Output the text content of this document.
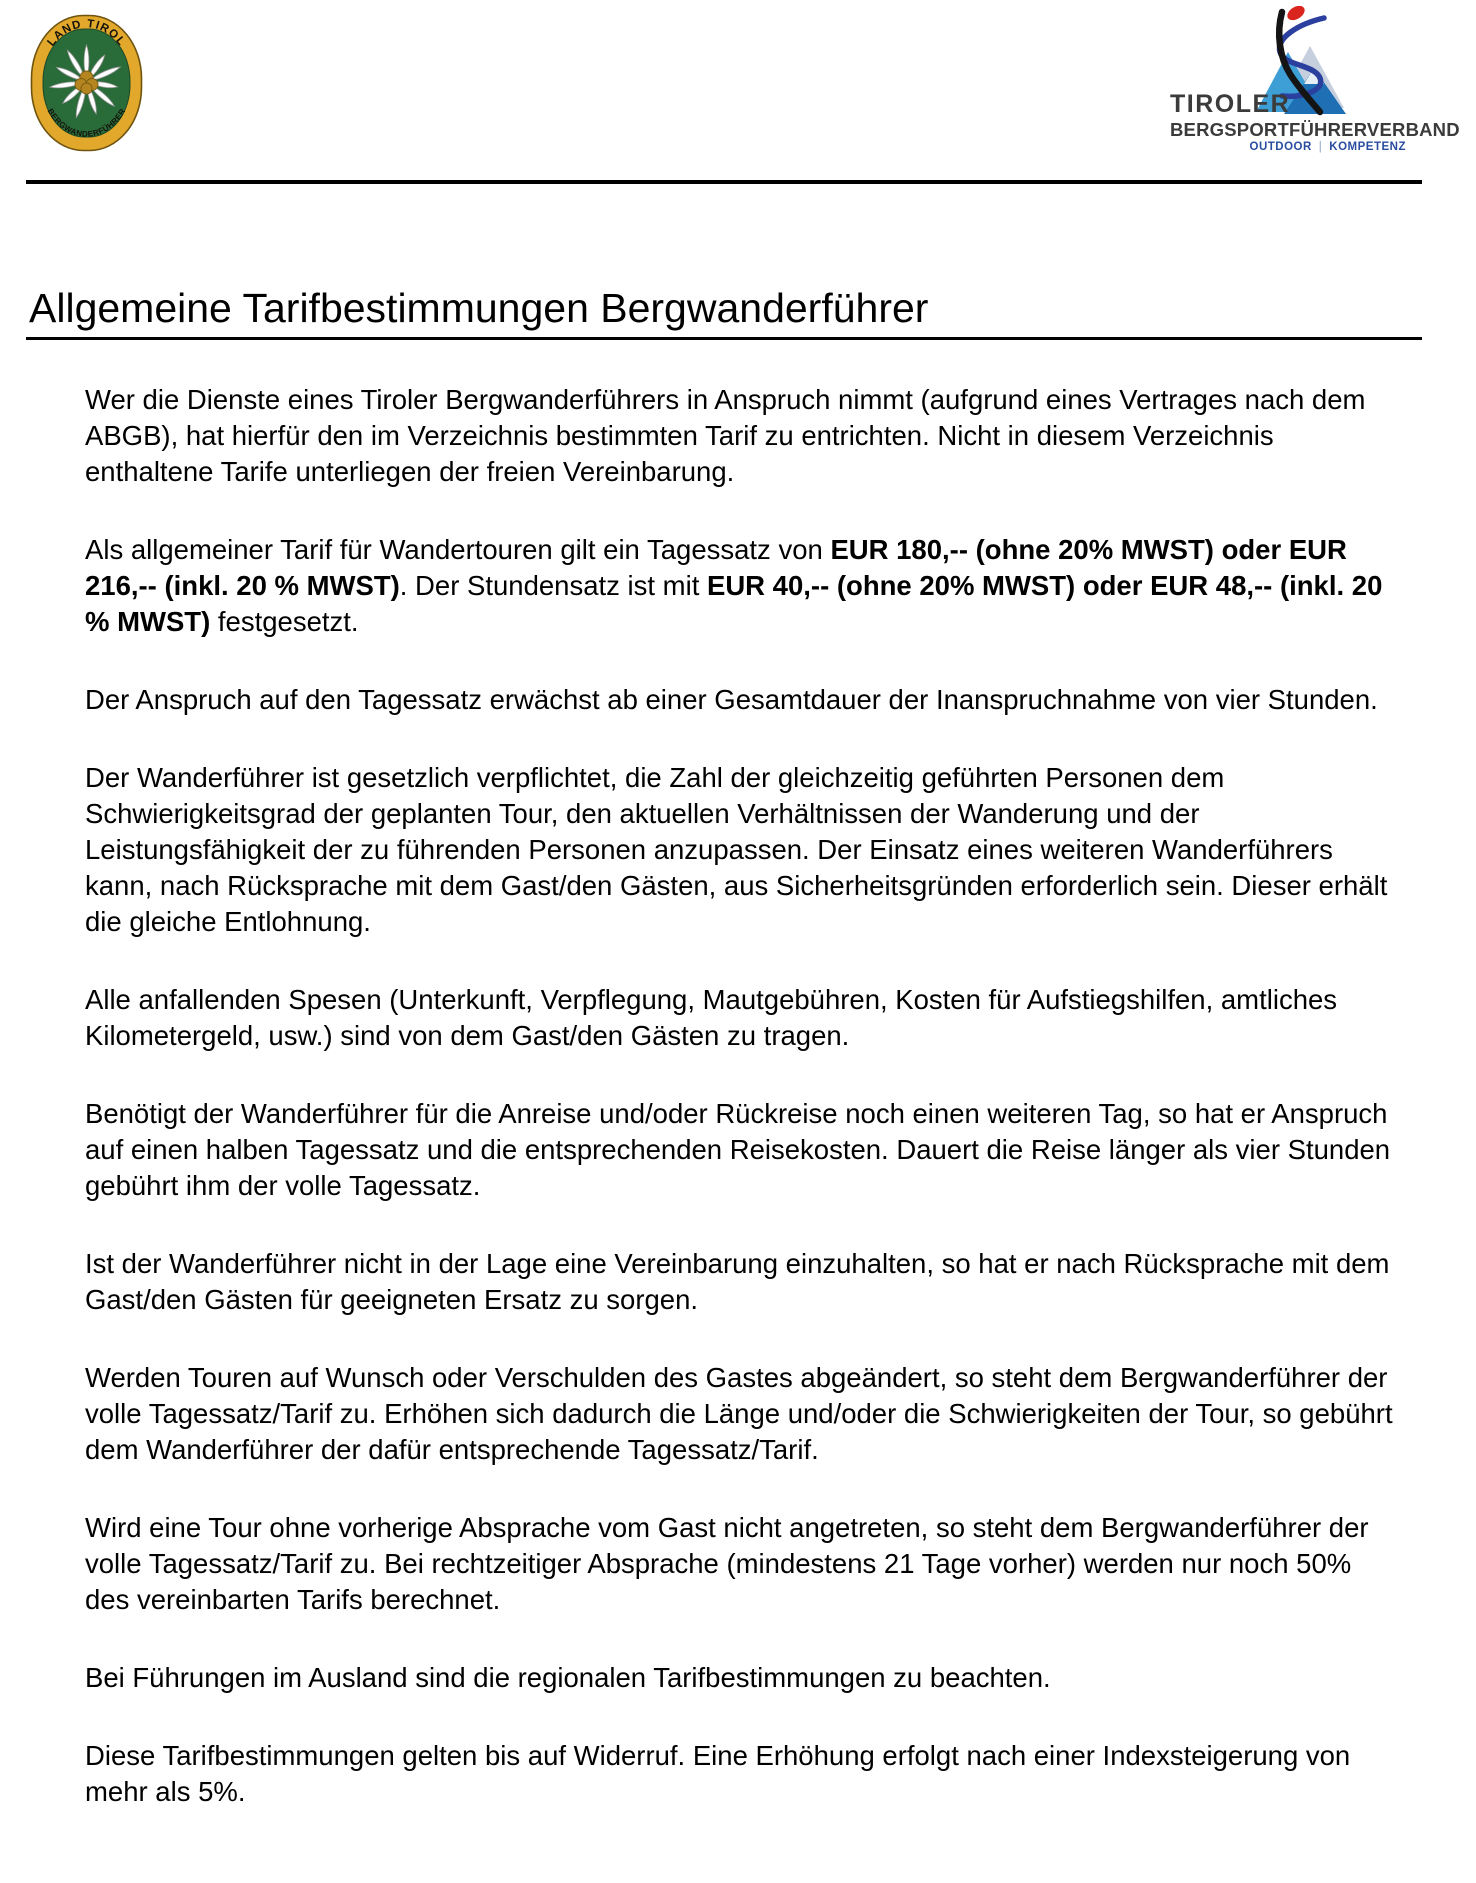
LAND TIROL
BERGWANDERFÜHRER	TIROLER
BERGSPORTFÜHRERVERBAND
OUTDOOR | KOMPETENZ
Allgemeine Tarifbestimmungen Bergwanderführer

Wer die Dienste eines Tiroler Bergwanderführers in Anspruch nimmt (aufgrund eines Vertrages nach dem ABGB), hat hierfür den im Verzeichnis bestimmten Tarif zu entrichten. Nicht in diesem Verzeichnis enthaltene Tarife unterliegen der freien Vereinbarung.

Als allgemeiner Tarif für Wandertouren gilt ein Tagessatz von EUR 180,-- (ohne 20% MWST) oder EUR 216,-- (inkl. 20 % MWST). Der Stundensatz ist mit EUR 40,-- (ohne 20% MWST) oder EUR 48,-- (inkl. 20 % MWST) festgesetzt.

Der Anspruch auf den Tagessatz erwächst ab einer Gesamtdauer der Inanspruchnahme von vier Stunden.

Der Wanderführer ist gesetzlich verpflichtet, die Zahl der gleichzeitig geführten Personen dem Schwierigkeitsgrad der geplanten Tour, den aktuellen Verhältnissen der Wanderung und der Leistungsfähigkeit der zu führenden Personen anzupassen. Der Einsatz eines weiteren Wanderführers kann, nach Rücksprache mit dem Gast/den Gästen, aus Sicherheitsgründen erforderlich sein. Dieser erhält die gleiche Entlohnung.

Alle anfallenden Spesen (Unterkunft, Verpflegung, Mautgebühren, Kosten für Aufstiegshilfen, amtliches Kilometergeld, usw.) sind von dem Gast/den Gästen zu tragen.

Benötigt der Wanderführer für die Anreise und/oder Rückreise noch einen weiteren Tag, so hat er Anspruch auf einen halben Tagessatz und die entsprechenden Reisekosten. Dauert die Reise länger als vier Stunden gebührt ihm der volle Tagessatz.

Ist der Wanderführer nicht in der Lage eine Vereinbarung einzuhalten, so hat er nach Rücksprache mit dem Gast/den Gästen für geeigneten Ersatz zu sorgen.

Werden Touren auf Wunsch oder Verschulden des Gastes abgeändert, so steht dem Bergwanderführer der volle Tagessatz/Tarif zu. Erhöhen sich dadurch die Länge und/oder die Schwierigkeiten der Tour, so gebührt dem Wanderführer der dafür entsprechende Tagessatz/Tarif.

Wird eine Tour ohne vorherige Absprache vom Gast nicht angetreten, so steht dem Bergwanderführer der volle Tagessatz/Tarif zu. Bei rechtzeitiger Absprache (mindestens 21 Tage vorher) werden nur noch 50% des vereinbarten Tarifs berechnet.

Bei Führungen im Ausland sind die regionalen Tarifbestimmungen zu beachten.

Diese Tarifbestimmungen gelten bis auf Widerruf. Eine Erhöhung erfolgt nach einer Indexsteigerung von mehr als 5%.
